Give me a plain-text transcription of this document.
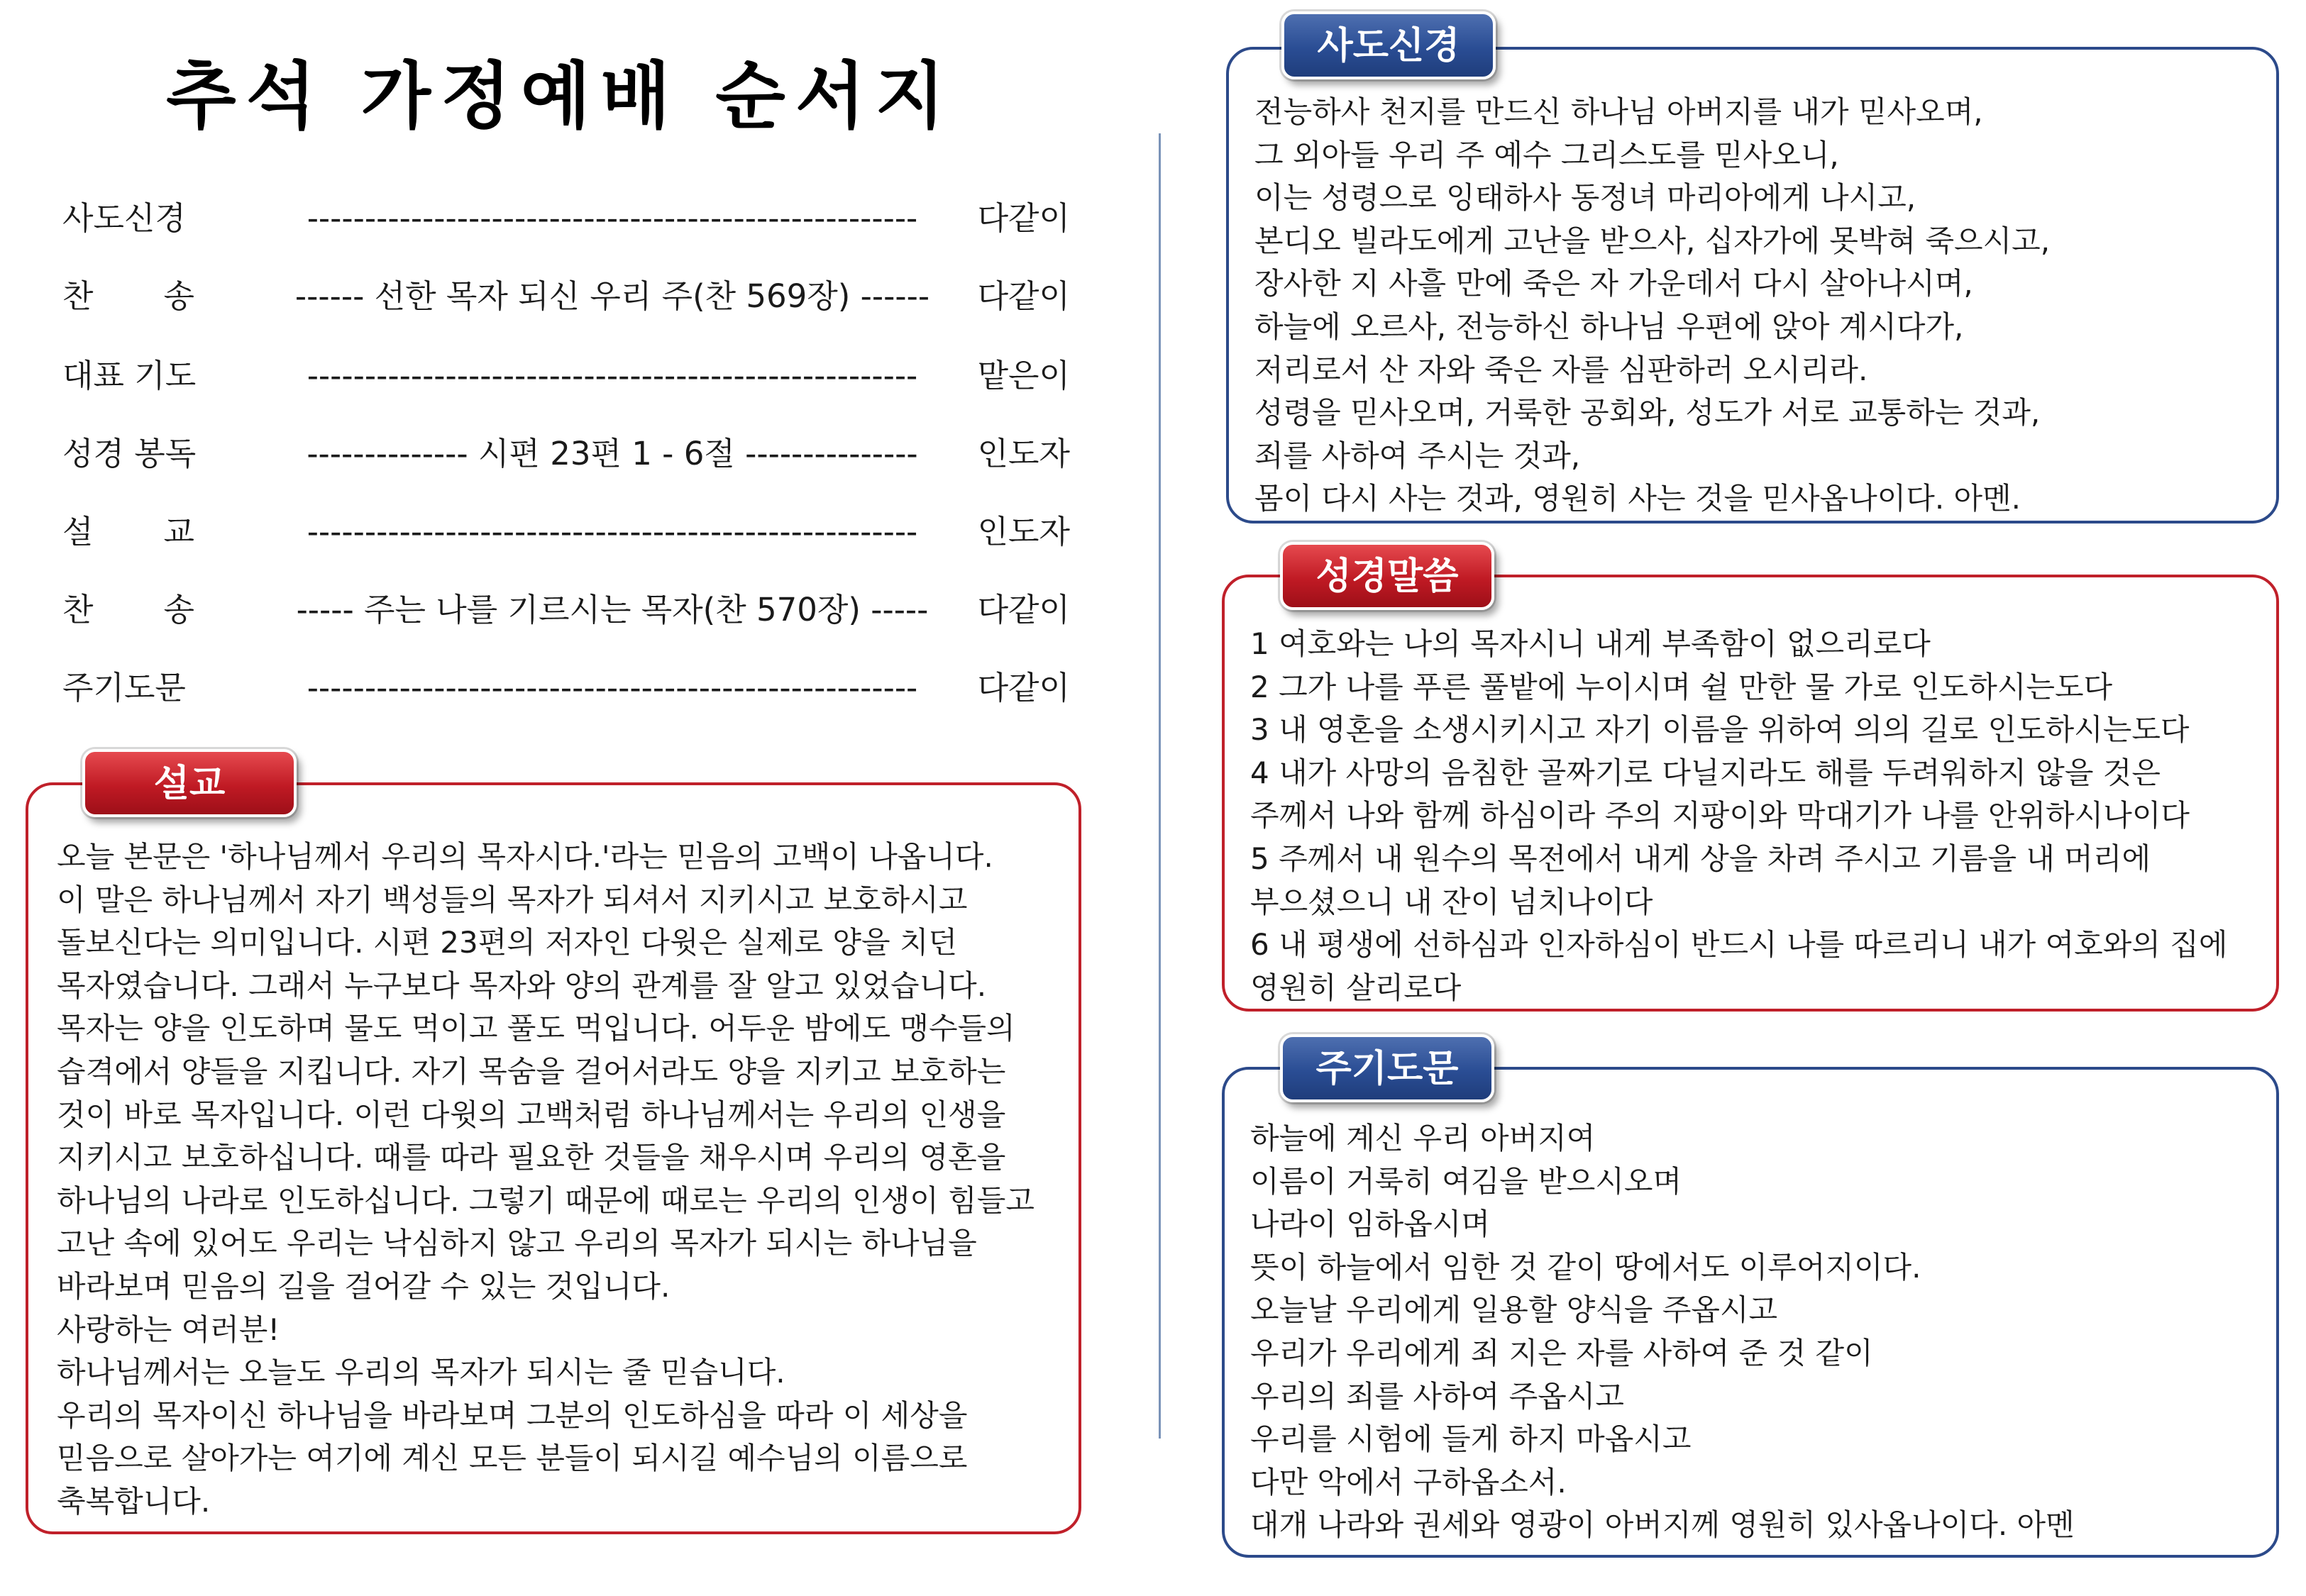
추석 가정예배 순서지
사도신경	-----------------------------------------------------	다같이
찬 송	------ 선한 목자 되신 우리 주(찬 569장) ------	다같이
대표 기도	-----------------------------------------------------	맡은이
성경 봉독	-------------- 시편 23편 1 - 6절 ---------------	인도자
설 교	-----------------------------------------------------	인도자
찬 송	----- 주는 나를 기르시는 목자(찬 570장) -----	다같이
주기도문	-----------------------------------------------------	다같이
설교
오늘 본문은 '하나님께서 우리의 목자시다.'라는 믿음의 고백이 나옵니다.
이 말은 하나님께서 자기 백성들의 목자가 되셔서 지키시고 보호하시고
돌보신다는 의미입니다. 시편 23편의 저자인 다윗은 실제로 양을 치던
목자였습니다. 그래서 누구보다 목자와 양의 관계를 잘 알고 있었습니다.
목자는 양을 인도하며 물도 먹이고 풀도 먹입니다. 어두운 밤에도 맹수들의
습격에서 양들을 지킵니다. 자기 목숨을 걸어서라도 양을 지키고 보호하는
것이 바로 목자입니다. 이런 다윗의 고백처럼 하나님께서는 우리의 인생을
지키시고 보호하십니다. 때를 따라 필요한 것들을 채우시며 우리의 영혼을
하나님의 나라로 인도하십니다. 그렇기 때문에 때로는 우리의 인생이 힘들고
고난 속에 있어도 우리는 낙심하지 않고 우리의 목자가 되시는 하나님을
바라보며 믿음의 길을 걸어갈 수 있는 것입니다.
사랑하는 여러분!
하나님께서는 오늘도 우리의 목자가 되시는 줄 믿습니다.
우리의 목자이신 하나님을 바라보며 그분의 인도하심을 따라 이 세상을
믿음으로 살아가는 여기에 계신 모든 분들이 되시길 예수님의 이름으로
축복합니다.
사도신경
전능하사 천지를 만드신 하나님 아버지를 내가 믿사오며,
그 외아들 우리 주 예수 그리스도를 믿사오니,
이는 성령으로 잉태하사 동정녀 마리아에게 나시고,
본디오 빌라도에게 고난을 받으사, 십자가에 못박혀 죽으시고,
장사한 지 사흘 만에 죽은 자 가운데서 다시 살아나시며,
하늘에 오르사, 전능하신 하나님 우편에 앉아 계시다가,
저리로서 산 자와 죽은 자를 심판하러 오시리라.
성령을 믿사오며, 거룩한 공회와, 성도가 서로 교통하는 것과,
죄를 사하여 주시는 것과,
몸이 다시 사는 것과, 영원히 사는 것을 믿사옵나이다. 아멘.
성경말씀
1 여호와는 나의 목자시니 내게 부족함이 없으리로다
2 그가 나를 푸른 풀밭에 누이시며 쉴 만한 물 가로 인도하시는도다
3 내 영혼을 소생시키시고 자기 이름을 위하여 의의 길로 인도하시는도다
4 내가 사망의 음침한 골짜기로 다닐지라도 해를 두려워하지 않을 것은
주께서 나와 함께 하심이라 주의 지팡이와 막대기가 나를 안위하시나이다
5 주께서 내 원수의 목전에서 내게 상을 차려 주시고 기름을 내 머리에
부으셨으니 내 잔이 넘치나이다
6 내 평생에 선하심과 인자하심이 반드시 나를 따르리니 내가 여호와의 집에
영원히 살리로다
주기도문
하늘에 계신 우리 아버지여
이름이 거룩히 여김을 받으시오며
나라이 임하옵시며
뜻이 하늘에서 임한 것 같이 땅에서도 이루어지이다.
오늘날 우리에게 일용할 양식을 주옵시고
우리가 우리에게 죄 지은 자를 사하여 준 것 같이
우리의 죄를 사하여 주옵시고
우리를 시험에 들게 하지 마옵시고
다만 악에서 구하옵소서.
대개 나라와 권세와 영광이 아버지께 영원히 있사옵나이다. 아멘
